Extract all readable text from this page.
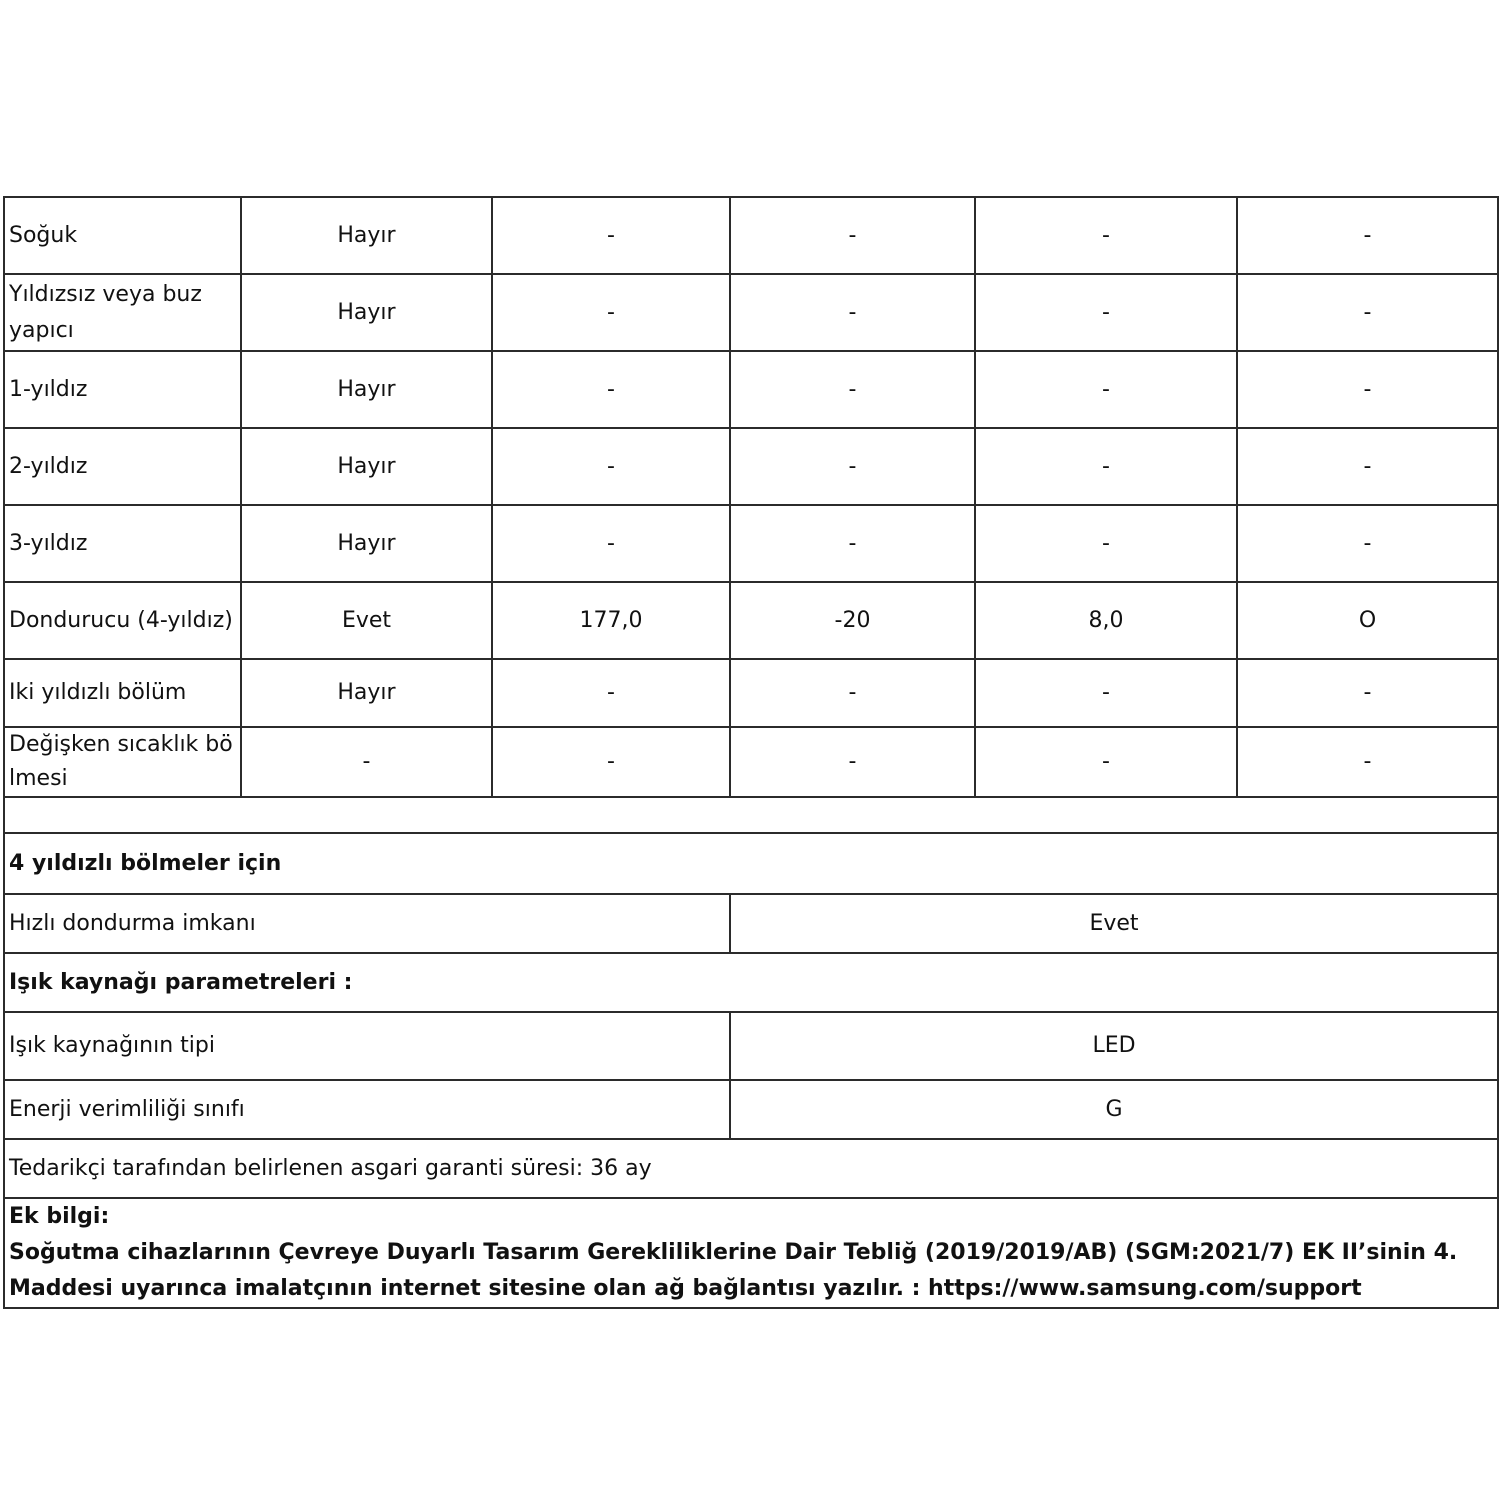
Soğuk	Hayır	-	-	-	-
Yıldızsız veya buz yapıcı	Hayır	-	-	-	-
1-yıldız	Hayır	-	-	-	-
2-yıldız	Hayır	-	-	-	-
3-yıldız	Hayır	-	-	-	-
Dondurucu (4-yıldız)	Evet	177,0	-20	8,0	O
Iki yıldızlı bölüm	Hayır	-	-	-	-
Değişken sıcaklık bö lmesi	-	-	-	-	-

4 yıldızlı bölmeler için					
Hızlı dondurma imkanı			Evet		
Işık kaynağı parametreleri :					
Işık kaynağının tipi			LED		
Enerji verimliliği sınıfı			G		
Tedarikçi tarafından belirlenen asgari garanti süresi: 36 ay					

Ek bilgi:
Soğutma cihazlarının Çevreye Duyarlı Tasarım Gerekliliklerine Dair Tebliğ (2019/2019/AB) (SGM:2021/7) EK II’sinin 4. Maddesi uyarınca imalatçının internet sitesine olan ağ bağlantısı yazılır. : https://www.samsung.com/support					
